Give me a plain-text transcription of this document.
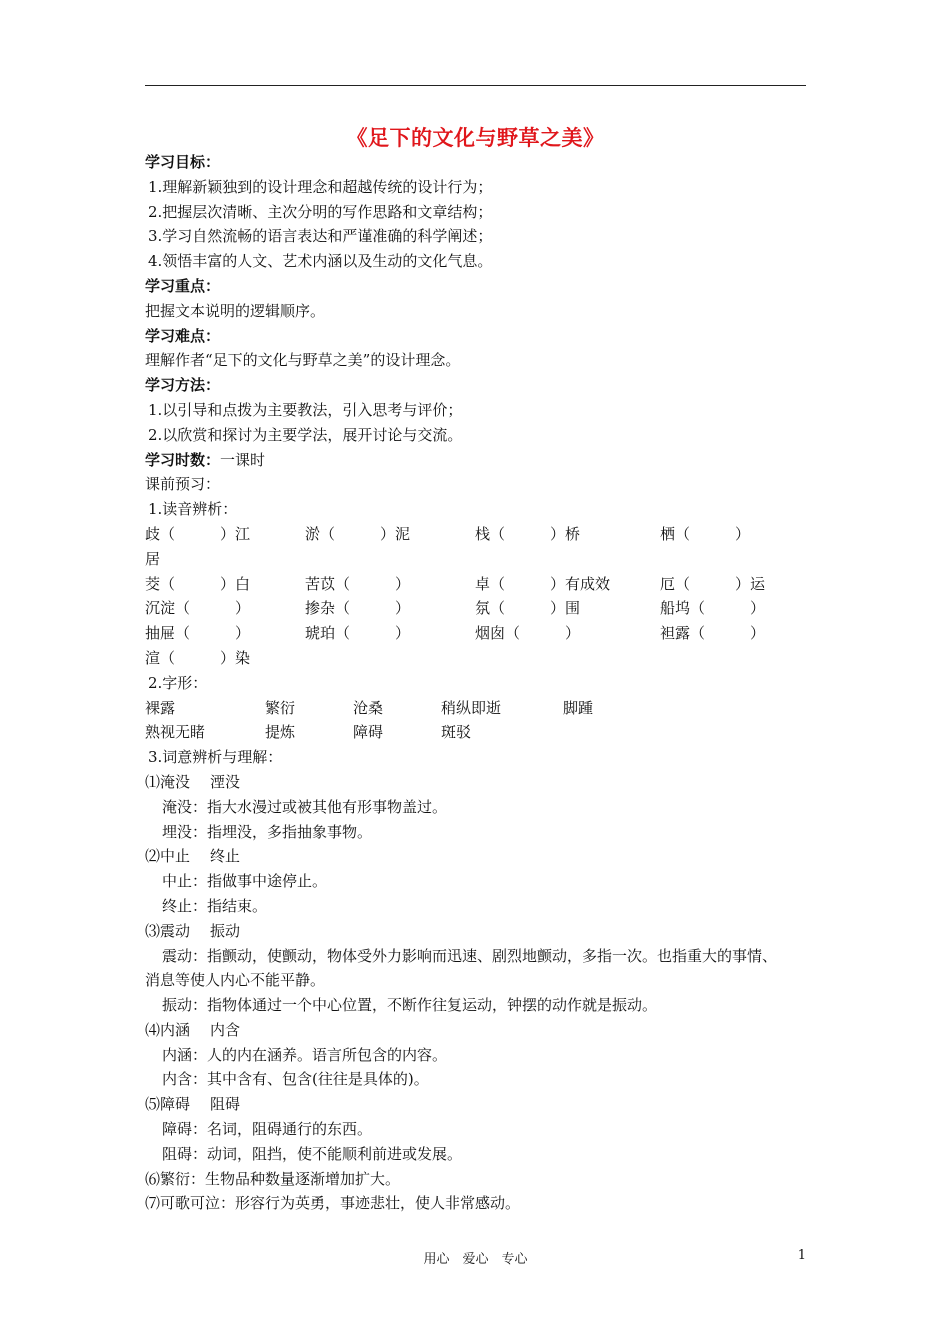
《足下的文化与野草之美》
学习目标：
1.理解新颖独到的设计理念和超越传统的设计行为；
2.把握层次清晰、主次分明的写作思路和文章结构；
3.学习自然流畅的语言表达和严谨准确的科学阐述；
4.领悟丰富的人文、艺术内涵以及生动的文化气息。
学习重点：
把握文本说明的逻辑顺序。
学习难点：
理解作者“足下的文化与野草之美”的设计理念。
学习方法：
1.以引导和点拨为主要教法，引入思考与评价；
2.以欣赏和探讨为主要学法，展开讨论与交流。
学习时数：一课时
课前预习：
1.读音辨析：
歧（　　　）江	淤（　　　）泥	栈（　　　）桥	栖（　　　）
居
茭（　　　）白	苦苡（　　　）	卓（　　　）有成效	厄（　　　）运
沉淀（　　　）	掺杂（　　　）	氛（　　　）围	船坞（　　　）
抽屉（　　　）	琥珀（　　　）	烟囱（　　　）	袒露（　　　）
渲（　　　）染
2.字形：
裸露	繁衍	沧桑	稍纵即逝	脚踵
熟视无睹	提炼	障碍	斑驳
3.词意辨析与理解：
⑴淹没 湮没
淹没：指大水漫过或被其他有形事物盖过。
埋没：指埋没，多指抽象事物。
⑵中止 终止
中止：指做事中途停止。
终止：指结束。
⑶震动 振动
震动：指颤动，使颤动，物体受外力影响而迅速、剧烈地颤动，多指一次。也指重大的事情、
消息等使人内心不能平静。
振动：指物体通过一个中心位置，不断作往复运动，钟摆的动作就是振动。
⑷内涵 内含
内涵：人的内在涵养。语言所包含的内容。
内含：其中含有、包含(往往是具体的)。
⑸障碍 阻碍
障碍：名词，阻碍通行的东西。
阻碍：动词，阻挡，使不能顺利前进或发展。
⑹繁衍：生物品种数量逐渐增加扩大。
⑺可歌可泣：形容行为英勇，事迹悲壮，使人非常感动。
用心　爱心　专心	1
